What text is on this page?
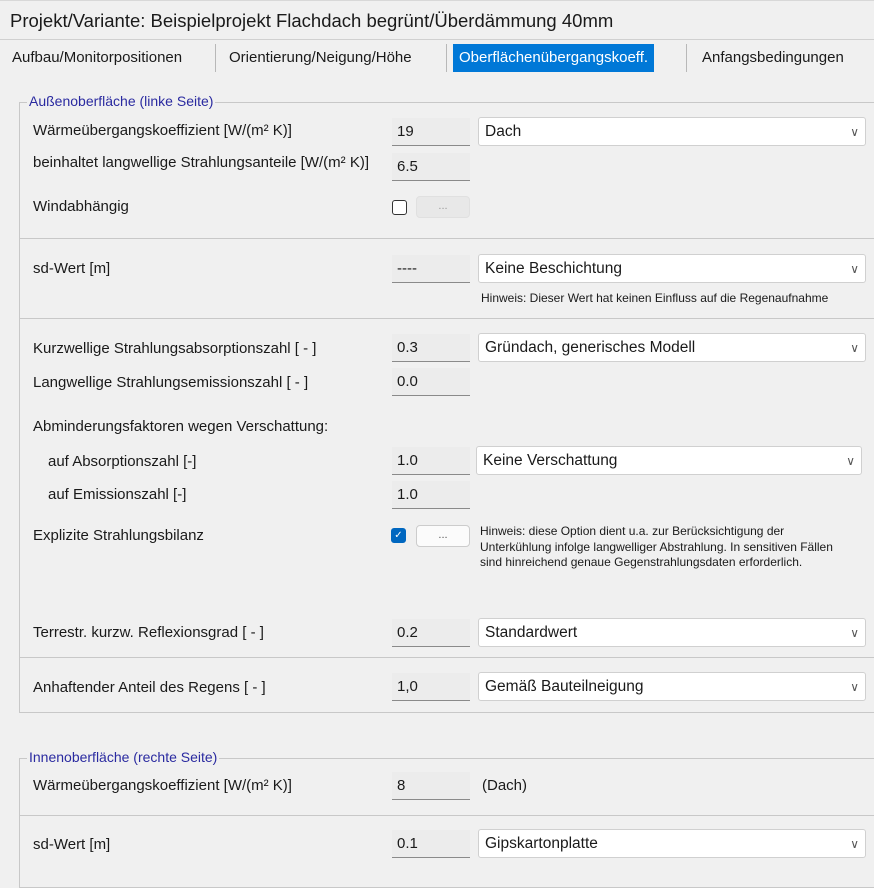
Projekt/Variante: Beispielprojekt Flachdach begrünt/Überdämmung 40mm
Aufbau/Monitorpositionen	Orientierung/Neigung/Höhe	Oberflächenübergangskoeff.	Anfangsbedingungen
Außenoberfläche (linke Seite)
Wärmeübergangskoeffizient [W/(m² K)]	19	Dach	∨
beinhaltet langwellige Strahlungsanteile [W/(m² K)]	6.5
Windabhängig	...
sd-Wert [m]	----	Keine Beschichtung	∨
Hinweis: Dieser Wert hat keinen Einfluss auf die Regenaufnahme
Kurzwellige Strahlungsabsorptionszahl [ - ]	0.3	Gründach, generisches Modell	∨
Langwellige Strahlungsemissionszahl [ - ]	0.0
Abminderungsfaktoren wegen Verschattung:
auf Absorptionszahl [-]	1.0	Keine Verschattung	∨
auf Emissionszahl [-]	1.0
Explizite Strahlungsbilanz	✓	...	Hinweis: diese Option dient u.a. zur Berücksichtigung der Unterkühlung infolge langwelliger Abstrahlung. In sensitiven Fällen sind hinreichend genaue Gegenstrahlungsdaten erforderlich.
Terrestr. kurzw. Reflexionsgrad [ - ]	0.2	Standardwert	∨
Anhaftender Anteil des Regens [ - ]	1,0	Gemäß Bauteilneigung	∨
Innenoberfläche (rechte Seite)
Wärmeübergangskoeffizient [W/(m² K)]	8	(Dach)
sd-Wert [m]	0.1	Gipskartonplatte	∨
